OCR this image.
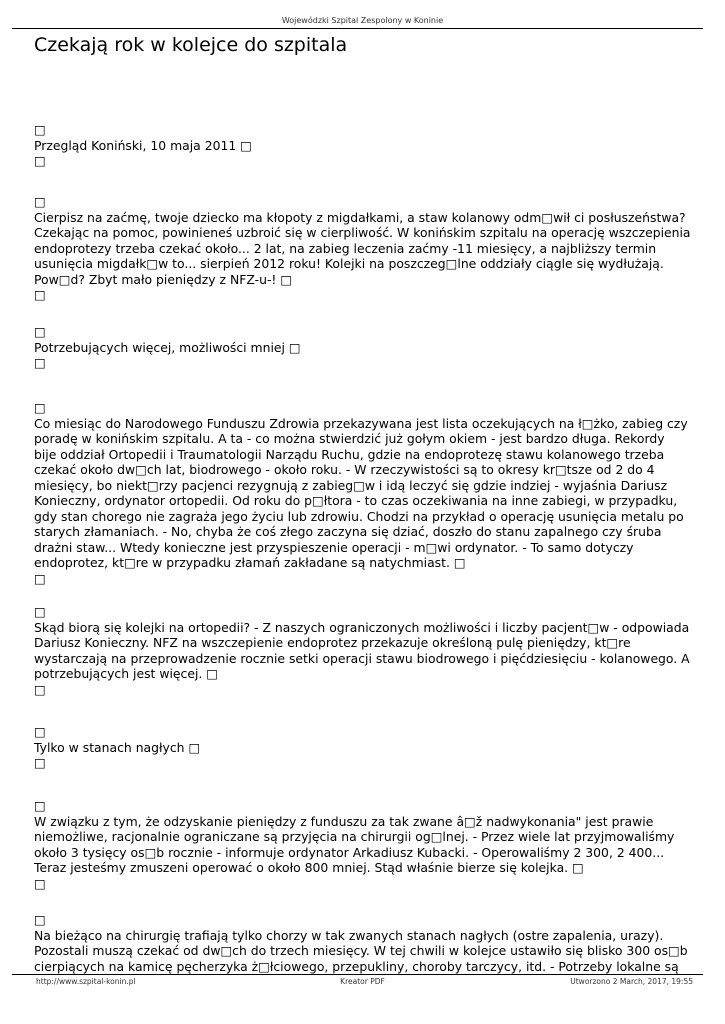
Wojewódzki Szpital Zespolony w Koninie
Czekają rok w kolejce do szpitala
□
Przegląd Koniński, 10 maja 2011 □
□
□
Cierpisz na zaćmę, twoje dziecko ma kłopoty z migdałkami, a staw kolanowy odm□wił ci posłuszeństwa?
Czekając na pomoc, powinieneś uzbroić się w cierpliwość. W konińskim szpitalu na operację wszczepienia
endoprotezy trzeba czekać około... 2 lat, na zabieg leczenia zaćmy -11 miesięcy, a najbliższy termin
usunięcia migdałk□w to... sierpień 2012 roku! Kolejki na poszczeg□lne oddziały ciągle się wydłużają.
Pow□d? Zbyt mało pieniędzy z NFZ-u-! □
□
□
Potrzebujących więcej, możliwości mniej □
□
□
Co miesiąc do Narodowego Funduszu Zdrowia przekazywana jest lista oczekujących na ł□żko, zabieg czy
poradę w konińskim szpitalu. A ta - co można stwierdzić już gołym okiem - jest bardzo długa. Rekordy
bije oddział Ortopedii i Traumatologii Narządu Ruchu, gdzie na endoprotezę stawu kolanowego trzeba
czekać około dw□ch lat, biodrowego - około roku. - W rzeczywistości są to okresy kr□tsze od 2 do 4
miesięcy, bo niekt□rzy pacjenci rezygnują z zabieg□w i idą leczyć się gdzie indziej - wyjaśnia Dariusz
Konieczny, ordynator ortopedii. Od roku do p□łtora - to czas oczekiwania na inne zabiegi, w przypadku,
gdy stan chorego nie zagraża jego życiu lub zdrowiu. Chodzi na przykład o operację usunięcia metalu po
starych złamaniach. - No, chyba że coś złego zaczyna się dziać, doszło do stanu zapalnego czy śruba
drażni staw... Wtedy konieczne jest przyspieszenie operacji - m□wi ordynator. - To samo dotyczy
endoprotez, kt□re w przypadku złamań zakładane są natychmiast. □
□
□
Skąd biorą się kolejki na ortopedii? - Z naszych ograniczonych możliwości i liczby pacjent□w - odpowiada
Dariusz Konieczny. NFZ na wszczepienie endoprotez przekazuje określoną pulę pieniędzy, kt□re
wystarczają na przeprowadzenie rocznie setki operacji stawu biodrowego i pięćdziesięciu - kolanowego. A
potrzebujących jest więcej. □
□
□
Tylko w stanach nagłych □
□
□
W związku z tym, że odzyskanie pieniędzy z funduszu za tak zwane â□ž nadwykonania" jest prawie
niemożliwe, racjonalnie ograniczane są przyjęcia na chirurgii og□lnej. - Przez wiele lat przyjmowaliśmy
około 3 tysięcy os□b rocznie - informuje ordynator Arkadiusz Kubacki. - Operowaliśmy 2 300, 2 400...
Teraz jesteśmy zmuszeni operować o około 800 mniej. Stąd właśnie bierze się kolejka. □
□
□
Na bieżąco na chirurgię trafiają tylko chorzy w tak zwanych stanach nagłych (ostre zapalenia, urazy).
Pozostali muszą czekać od dw□ch do trzech miesięcy. W tej chwili w kolejce ustawiło się blisko 300 os□b
cierpiących na kamicę pęcherzyka ż□łciowego, przepukliny, choroby tarczycy, itd. - Potrzeby lokalne są
http://www.szpital-konin.pl	Kreator PDF	Utworzono 2 March, 2017, 19:55
